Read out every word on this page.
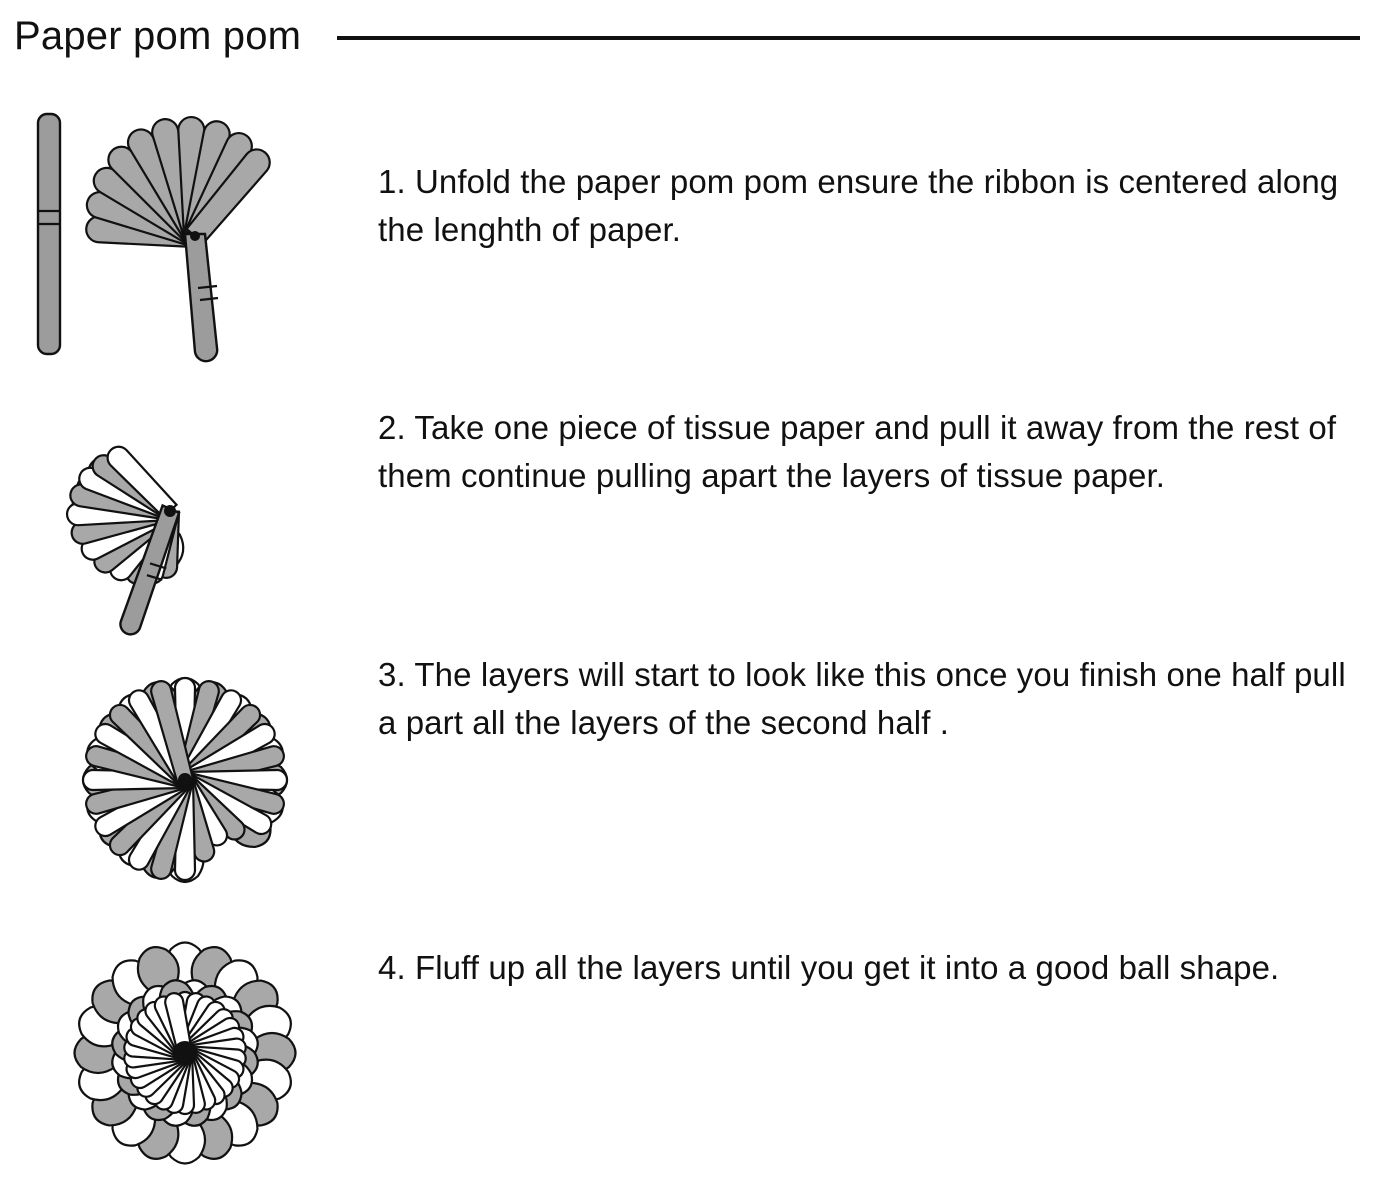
Paper pom pom
1. Unfold the paper pom pom ensure the ribbon is centered along the lenghth of paper.
2. Take one piece of tissue paper and pull it away from the rest of them continue pulling apart the layers of tissue paper.
3. The layers will start to look like this once you finish one half pull a part all the layers of the second half .
4. Fluff up all the layers until you get it into a good ball shape.
